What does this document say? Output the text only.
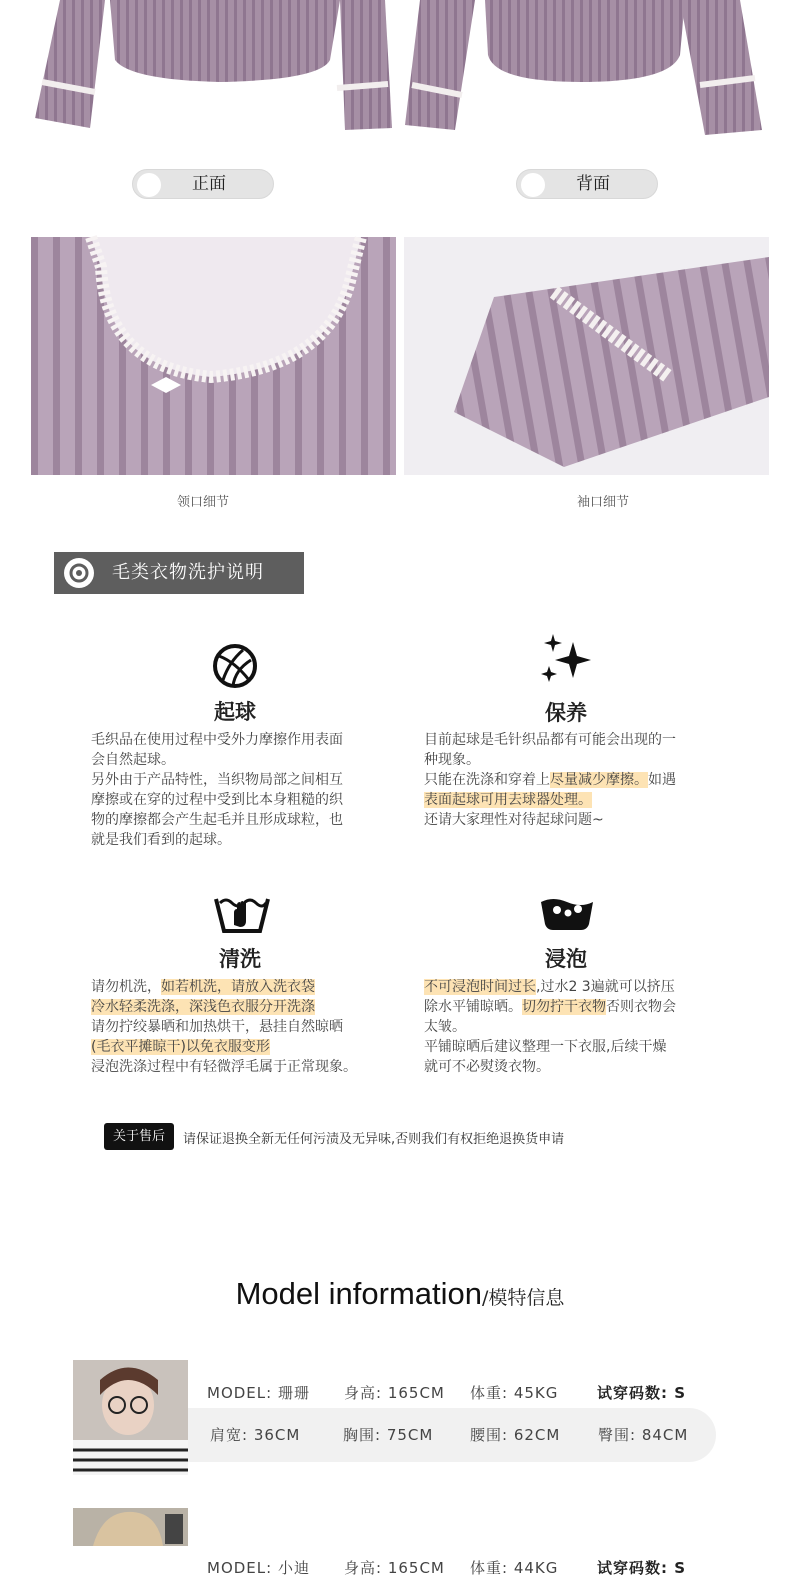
正面	背面
领口细节	袖口细节
毛类衣物洗护说明
起球
毛织品在使用过程中受外力摩擦作用表面
会自然起球。
另外由于产品特性，当织物局部之间相互
摩擦或在穿的过程中受到比本身粗糙的织
物的摩擦都会产生起毛并且形成球粒，也
就是我们看到的起球。
保养
目前起球是毛针织品都有可能会出现的一
种现象。
只能在洗涤和穿着上尽量减少摩擦。如遇
表面起球可用去球器处理。
还请大家理性对待起球问题~
清洗
请勿机洗，如若机洗，请放入洗衣袋
冷水轻柔洗涤，深浅色衣服分开洗涤
请勿拧绞暴晒和加热烘干，悬挂自然晾晒
(毛衣平摊晾干)以免衣服变形
浸泡洗涤过程中有轻微浮毛属于正常现象。
浸泡
不可浸泡时间过长,过水2 3遍就可以挤压
除水平铺晾晒。切勿拧干衣物否则衣物会
太皱。
平铺晾晒后建议整理一下衣服,后续干燥
就可不必熨烫衣物。
关于售后	请保证退换全新无任何污渍及无异味,否则我们有权拒绝退换货申请
Model information/模特信息
MODEL: 珊珊 身高: 165CM 体重: 45KG	试穿码数: S
肩宽: 36CM	胸围: 75CM 腰围: 62CM	臀围: 84CM
MODEL: 小迪 身高: 165CM 体重: 44KG	试穿码数: S
